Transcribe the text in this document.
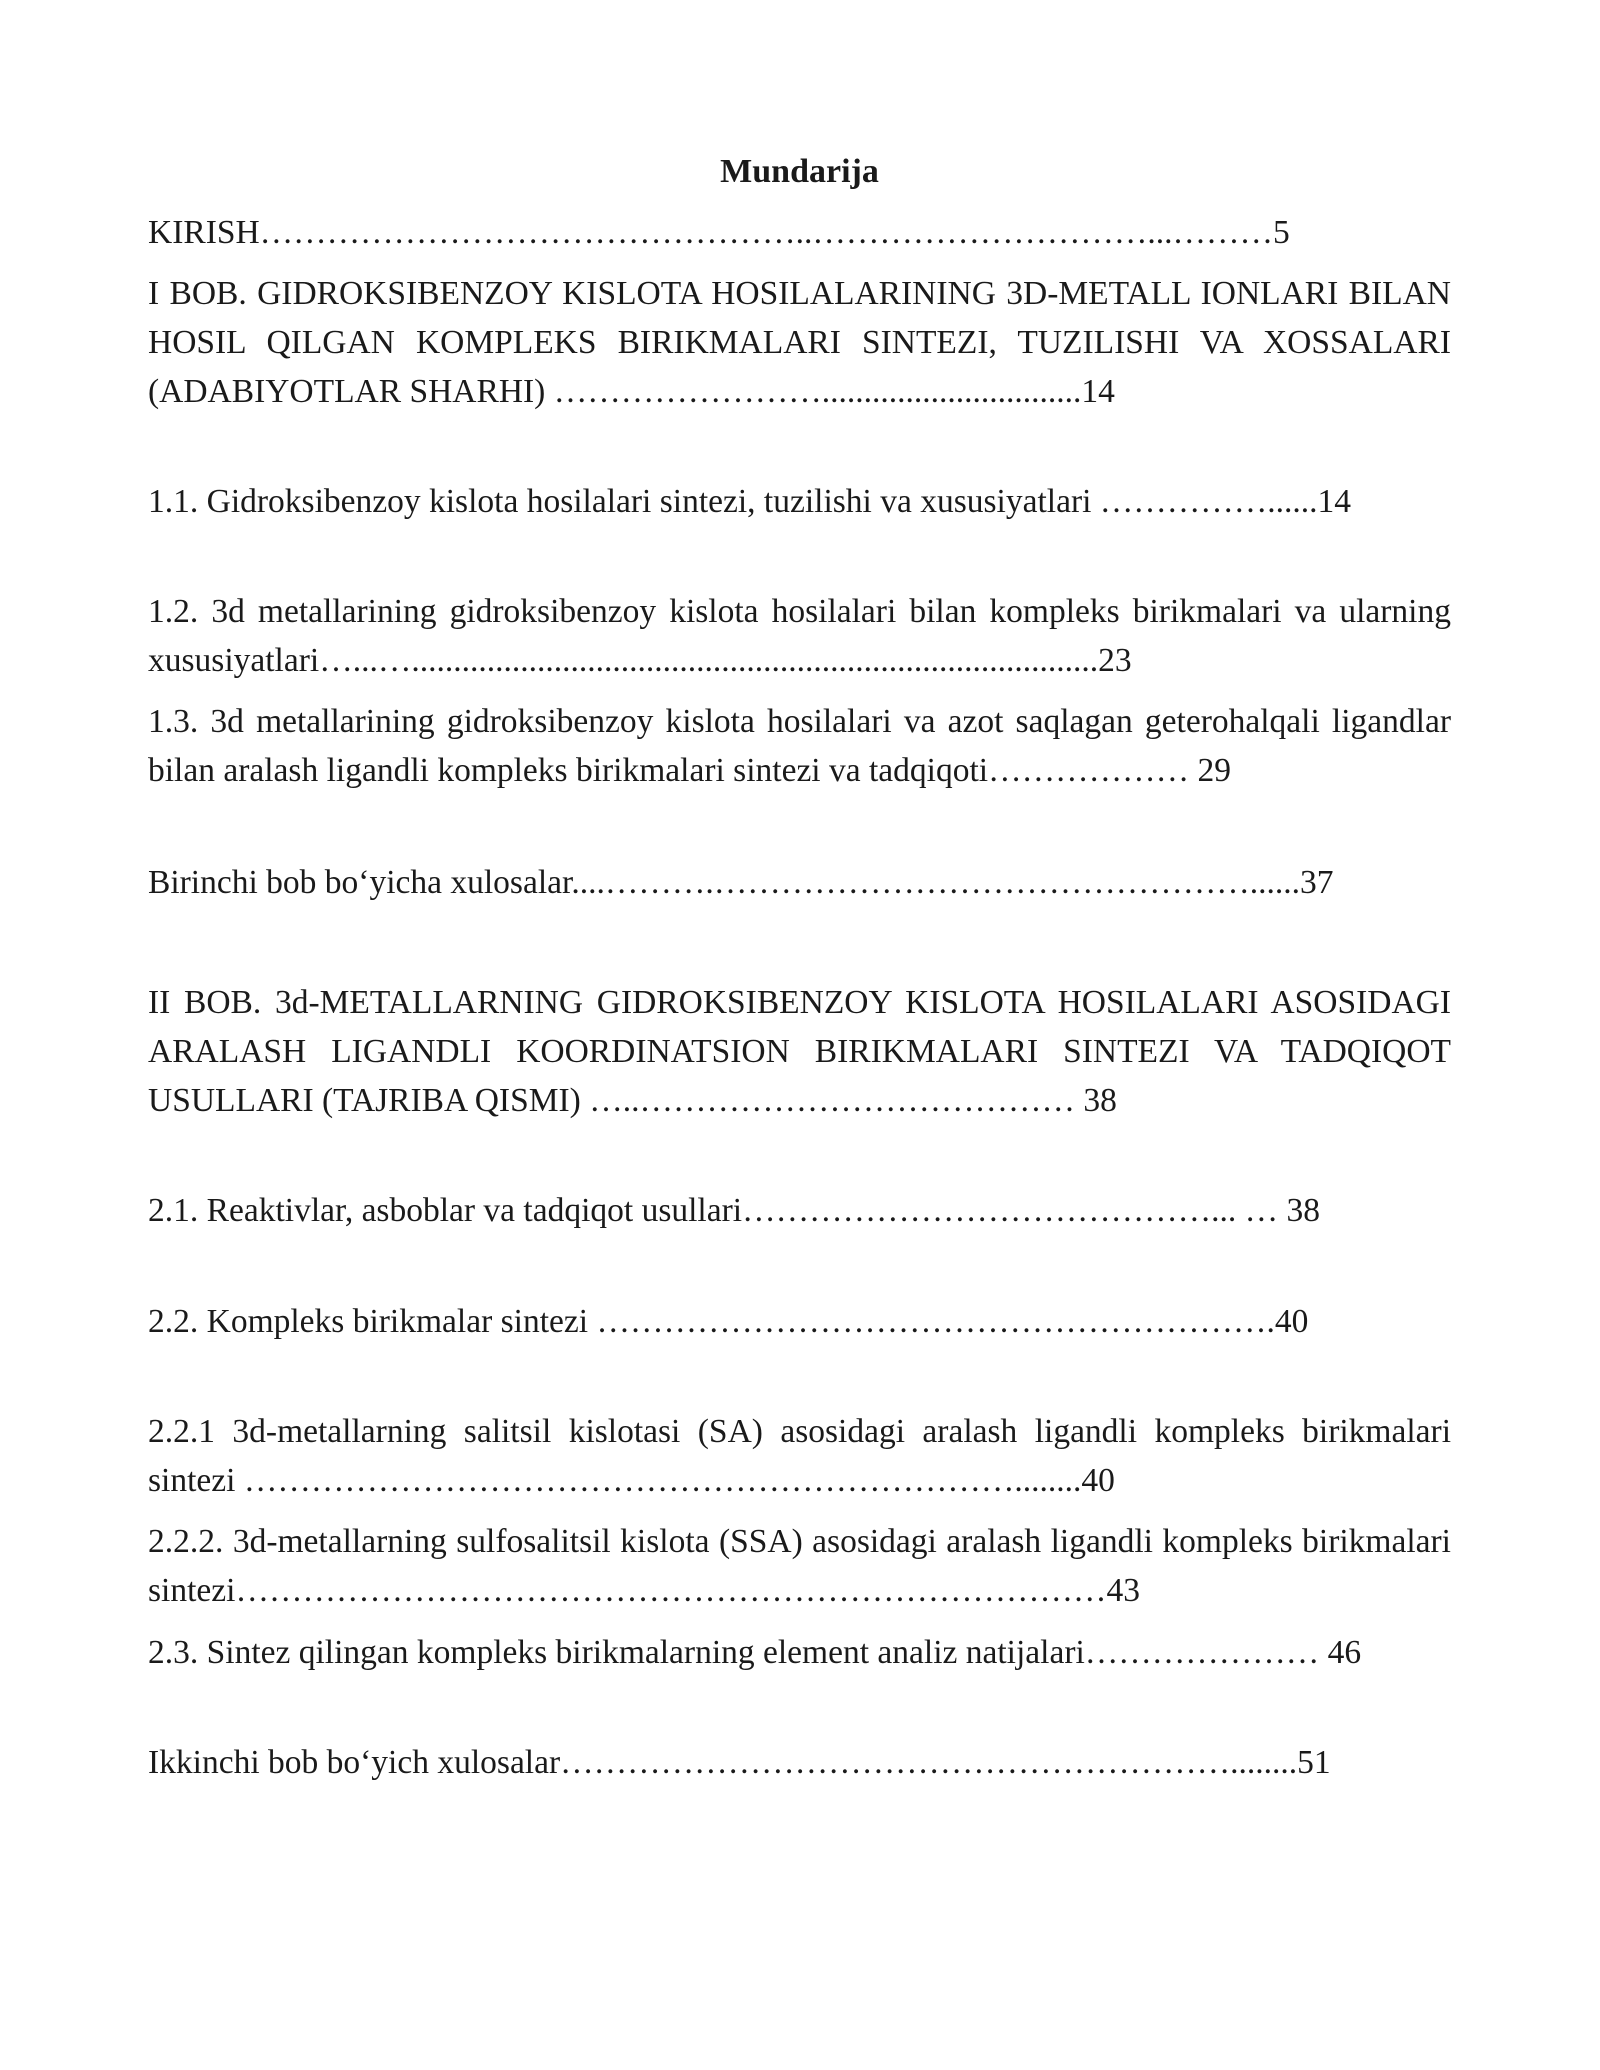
Mundarija
KIRISH…………………………………………..…………………………...………5
I BOB. GIDROKSIBENZOY KISLOTA HOSILALARINING 3D-METALL IONLARI BILAN HOSIL QILGAN KOMPLEKS BIRIKMALARI SINTEZI, TUZILISHI VA XOSSALARI (ADABIYOTLAR SHARHI) ……………………...............................14
1.1. Gidroksibenzoy kislota hosilalari sintezi, tuzilishi va xususiyatlari ……………......14
1.2. 3d metallarining gidroksibenzoy kislota hosilalari bilan kompleks birikmalari va ularning xususiyatlari…...…..................................................................................23
1.3. 3d metallarining gidroksibenzoy kislota hosilalari va azot saqlagan geterohalqali ligandlar bilan aralash ligandli kompleks birikmalari sintezi va tadqiqoti……………… 29
Birinchi bob bo‘yicha xulosalar....……….…………………………………………......37
II BOB. 3d-METALLARNING GIDROKSIBENZOY KISLOTA HOSILALARI ASOSIDAGI ARALASH LIGANDLI KOORDINATSION BIRIKMALARI SINTEZI VA TADQIQOT USULLARI (TAJRIBA QISMI) …..………………………………… 38
2.1. Reaktivlar, asboblar va tadqiqot usullari……………………………………... … 38
2.2. Kompleks birikmalar sintezi …………………………………………………….40
2.2.1 3d-metallarning salitsil kislotasi (SA) asosidagi aralash ligandli kompleks birikmalari sintezi ……………………………………………………………........40
2.2.2. 3d-metallarning sulfosalitsil kislota (SSA) asosidagi aralash ligandli kompleks birikmalari sintezi……………………………………………………………………43
2.3. Sintez qilingan kompleks birikmalarning element analiz natijalari………………… 46
Ikkinchi bob bo‘yich xulosalar……………………………………………………........51
